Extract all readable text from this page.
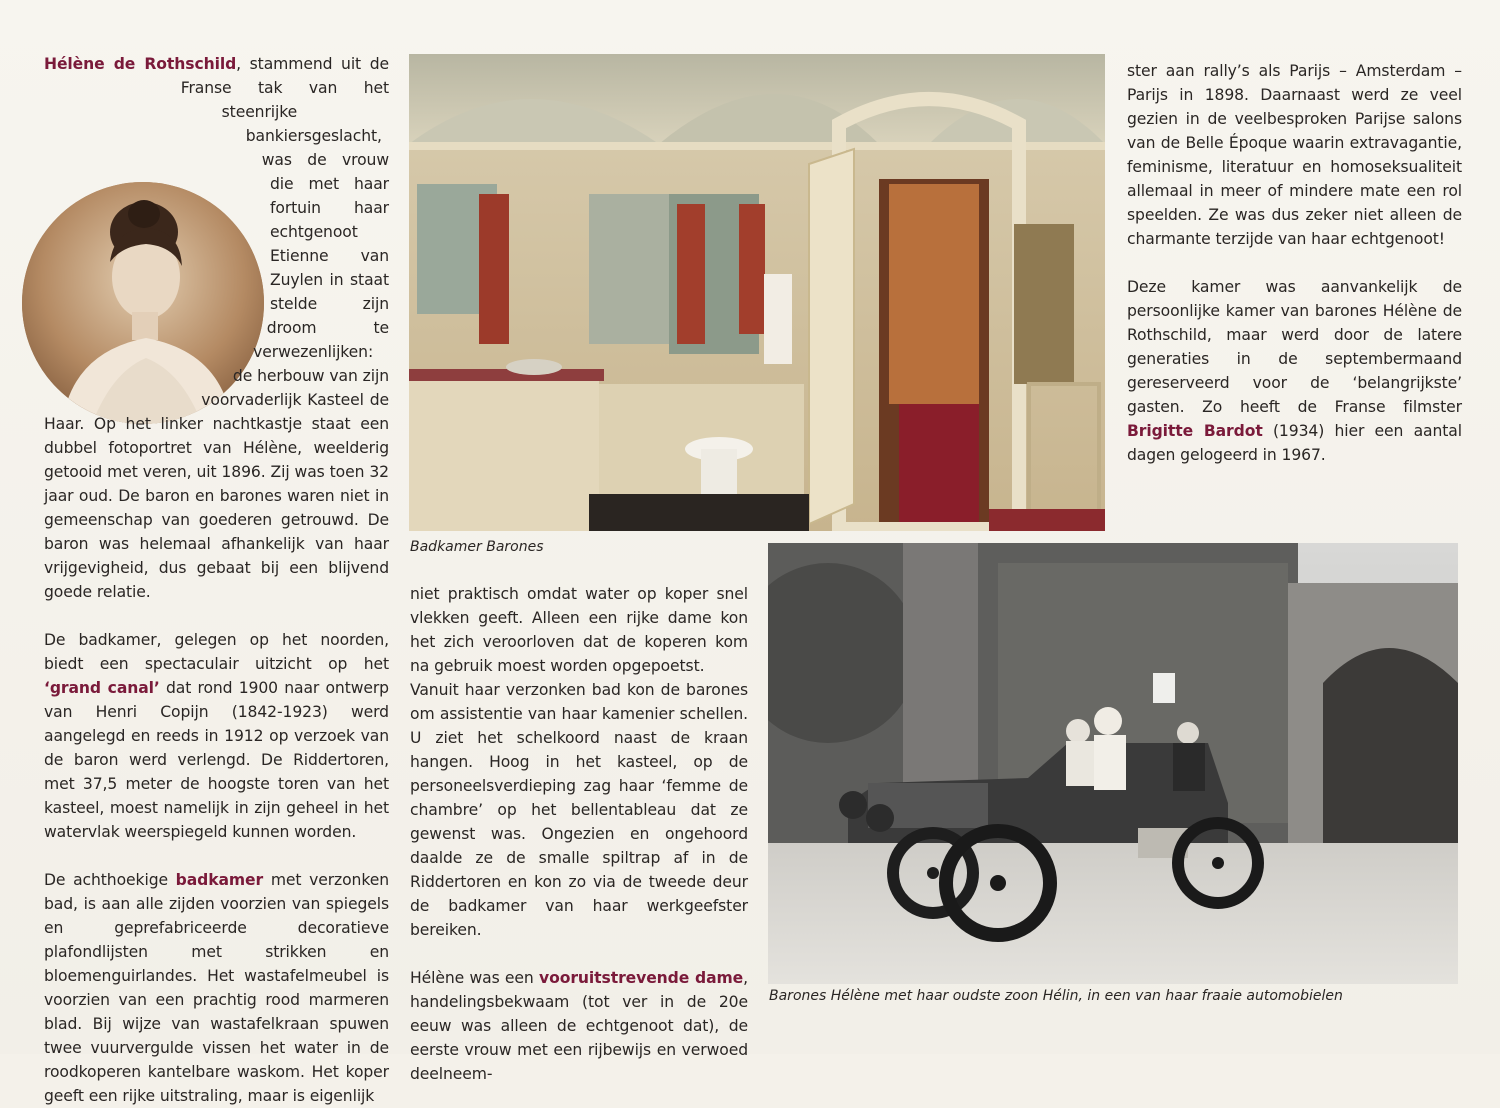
Hélène de Rothschild, stammend uit de Franse tak van het steenrijke bankiersgeslacht, was de vrouw die met haar fortuin haar echtgenoot Etienne van Zuylen in staat stelde zijn droom te verwezenlijken: de herbouw van zijn voorvaderlijk Kasteel de Haar. Op het linker nachtkastje staat een dubbel fotoportret van Hélène, weelderig getooid met veren, uit 1896. Zij was toen 32 jaar oud. De baron en barones waren niet in gemeenschap van goederen getrouwd. De baron was helemaal afhankelijk van haar vrijgevigheid, dus gebaat bij een blijvend goede relatie.

De badkamer, gelegen op het noorden, biedt een spectaculair uitzicht op het ‘grand canal’ dat rond 1900 naar ontwerp van Henri Copijn (1842-1923) werd aangelegd en reeds in 1912 op verzoek van de baron werd verlengd. De Riddertoren, met 37,5 meter de hoogste toren van het kasteel, moest namelijk in zijn geheel in het watervlak weerspiegeld kunnen worden.

De achthoekige badkamer met verzonken bad, is aan alle zijden voorzien van spiegels en geprefabriceerde decoratieve plafondlijsten met strikken en bloemenguirlandes. Het wastafelmeubel is voorzien van een prachtig rood marmeren blad. Bij wijze van wastafelkraan spuwen twee vuurvergulde vissen het water in de roodkoperen kantelbare waskom. Het koper geeft een rijke uitstraling, maar is eigenlijk

Badkamer Barones

niet praktisch omdat water op koper snel vlekken geeft. Alleen een rijke dame kon het zich veroorloven dat de koperen kom na gebruik moest worden opgepoetst.

Vanuit haar verzonken bad kon de barones om assistentie van haar kamenier schellen. U ziet het schelkoord naast de kraan hangen. Hoog in het kasteel, op de personeelsverdieping zag haar ‘femme de chambre’ op het bellentableau dat ze gewenst was. Ongezien en ongehoord daalde ze de smalle spiltrap af in de Riddertoren en kon zo via de tweede deur de badkamer van haar werkgeefster bereiken.

Hélène was een vooruitstrevende dame, handelingsbekwaam (tot ver in de 20e eeuw was alleen de echtgenoot dat), de eerste vrouw met een rijbewijs en verwoed deelneem-

ster aan rally’s als Parijs – Amsterdam – Parijs in 1898. Daarnaast werd ze veel gezien in de veelbesproken Parijse salons van de Belle Époque waarin extravagantie, feminisme, literatuur en homoseksualiteit allemaal in meer of mindere mate een rol speelden. Ze was dus zeker niet alleen de charmante terzijde van haar echtgenoot!

Deze kamer was aanvankelijk de persoonlijke kamer van barones Hélène de Rothschild, maar werd door de latere generaties in de septembermaand gereserveerd voor de ‘belangrijkste’ gasten. Zo heeft de Franse filmster Brigitte Bardot (1934) hier een aantal dagen gelogeerd in 1967.

Barones Hélène met haar oudste zoon Hélin, in een van haar fraaie automobielen
